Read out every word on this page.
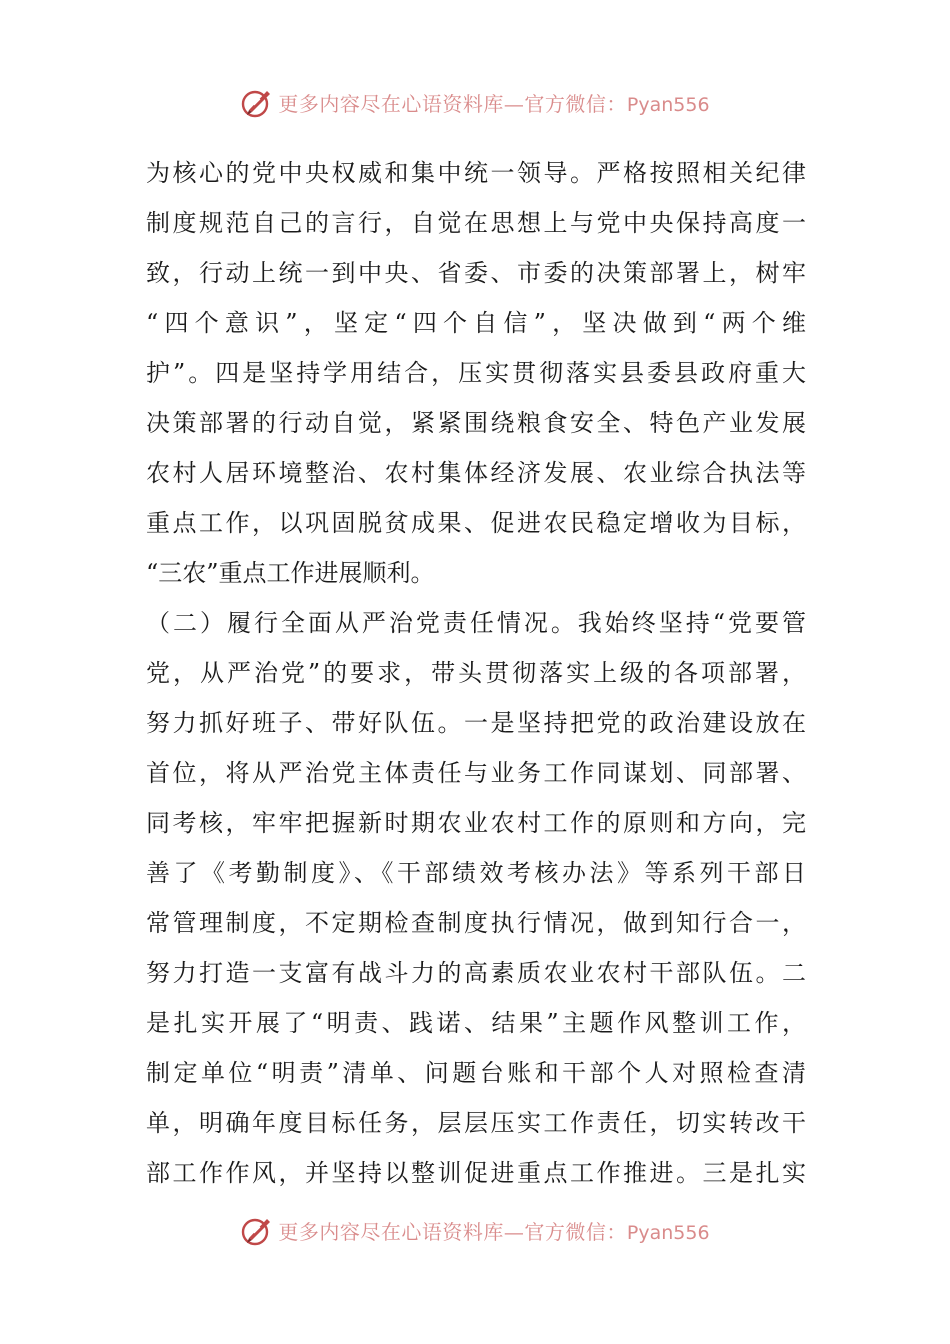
更多内容尽在心语资料库—官方微信：Pyan556
为核心的党中央权威和集中统一领导。严格按照相关纪律
制度规范自己的言行，自觉在思想上与党中央保持高度一
致，行动上统一到中央、省委、市委的决策部署上，树牢
“四个意识”，坚定“四个自信”，坚决做到“两个维
护”。四是坚持学用结合，压实贯彻落实县委县政府重大
决策部署的行动自觉，紧紧围绕粮食安全、特色产业发展
农村人居环境整治、农村集体经济发展、农业综合执法等
重点工作，以巩固脱贫成果、促进农民稳定增收为目标，
“三农”重点工作进展顺利。
（二）履行全面从严治党责任情况。我始终坚持“党要管
党，从严治党”的要求，带头贯彻落实上级的各项部署，
努力抓好班子、带好队伍。一是坚持把党的政治建设放在
首位，将从严治党主体责任与业务工作同谋划、同部署、
同考核，牢牢把握新时期农业农村工作的原则和方向，完
善了《考勤制度》、《干部绩效考核办法》等系列干部日
常管理制度，不定期检查制度执行情况，做到知行合一，
努力打造一支富有战斗力的高素质农业农村干部队伍。二
是扎实开展了“明责、践诺、结果”主题作风整训工作，
制定单位“明责”清单、问题台账和干部个人对照检查清
单，明确年度目标任务，层层压实工作责任，切实转改干
部工作作风，并坚持以整训促进重点工作推进。三是扎实
更多内容尽在心语资料库—官方微信：Pyan556
